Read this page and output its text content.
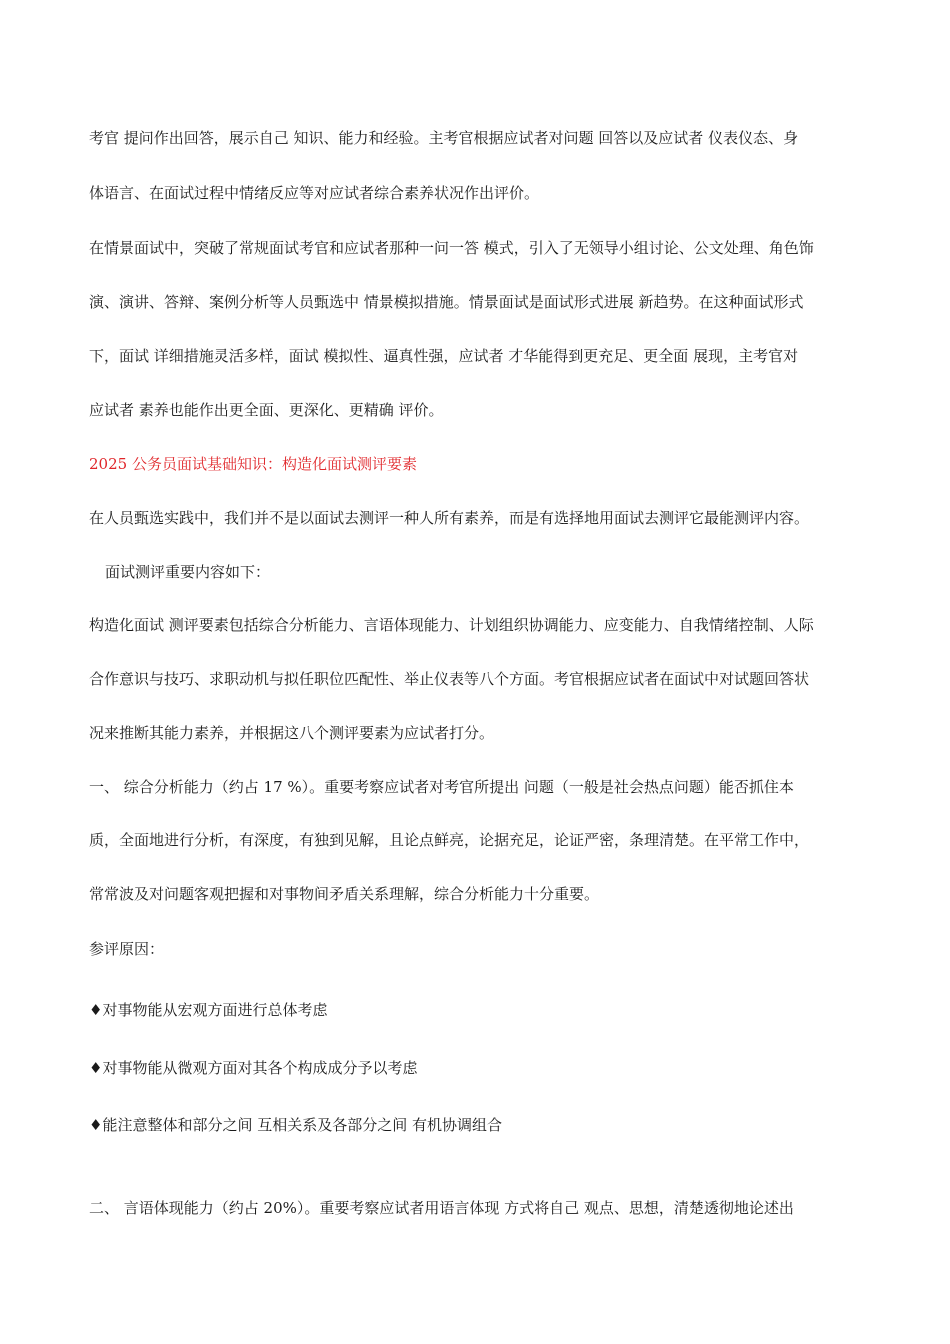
考官 提问作出回答，展示自己 知识、能力和经验。主考官根据应试者对问题 回答以及应试者 仪表仪态、身
体语言、在面试过程中情绪反应等对应试者综合素养状况作出评价。
在情景面试中，突破了常规面试考官和应试者那种一问一答 模式，引入了无领导小组讨论、公文处理、角色饰
演、演讲、答辩、案例分析等人员甄选中 情景模拟措施。情景面试是面试形式进展 新趋势。在这种面试形式
下，面试 详细措施灵活多样，面试 模拟性、逼真性强，应试者 才华能得到更充足、更全面 展现，主考官对
应试者 素养也能作出更全面、更深化、更精确 评价。
2025 公务员面试基础知识：构造化面试测评要素
在人员甄选实践中，我们并不是以面试去测评一种人所有素养，而是有选择地用面试去测评它最能测评内容。
面试测评重要内容如下：
构造化面试 测评要素包括综合分析能力、言语体现能力、计划组织协调能力、应变能力、自我情绪控制、人际
合作意识与技巧、求职动机与拟任职位匹配性、举止仪表等八个方面。考官根据应试者在面试中对试题回答状
况来推断其能力素养，并根据这八个测评要素为应试者打分。
一、 综合分析能力（约占 17 %）。重要考察应试者对考官所提出 问题（一般是社会热点问题）能否抓住本
质，全面地进行分析，有深度，有独到见解，且论点鲜亮，论据充足，论证严密，条理清楚。在平常工作中，
常常波及对问题客观把握和对事物间矛盾关系理解，综合分析能力十分重要。
参评原因：
♦对事物能从宏观方面进行总体考虑
♦对事物能从微观方面对其各个构成成分予以考虑
♦能注意整体和部分之间 互相关系及各部分之间 有机协调组合
二、 言语体现能力（约占 20%）。重要考察应试者用语言体现 方式将自己 观点、思想，清楚透彻地论述出
